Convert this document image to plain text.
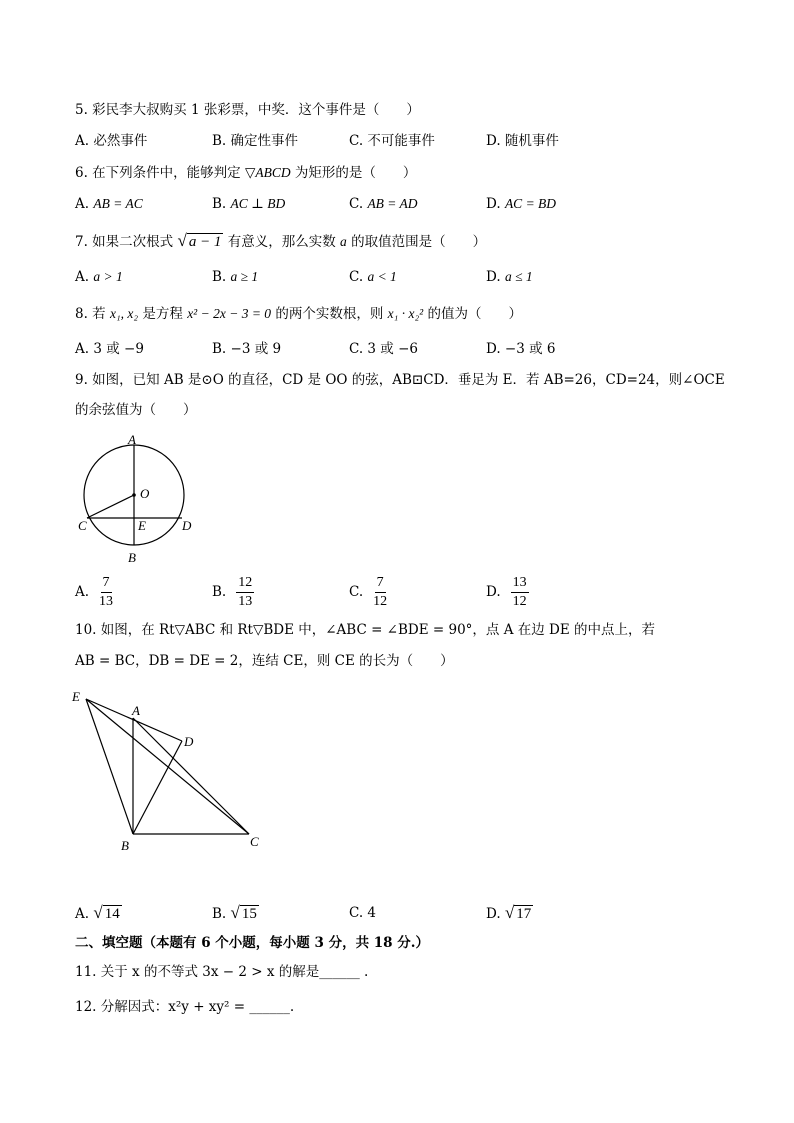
5. 彩民李大叔购买 1 张彩票，中奖．这个事件是（　　）
A. 必然事件	B. 确定性事件	C. 不可能事件	D. 随机事件
6. 在下列条件中，能够判定 ▽ABCD 为矩形的是（　　）
A. AB = AC	B. AC ⊥ BD	C. AB = AD	D. AC = BD
7. 如果二次根式 √ a − 1 有意义，那么实数 a 的取值范围是（　　）
A. a > 1	B. a ≥ 1	C. a < 1	D. a ≤ 1
8. 若 x₁, x₂ 是方程 x² − 2x − 3 = 0 的两个实数根，则 x₁ · x₂² 的值为（　　）
A. 3 或 −9	B. −3 或 9	C. 3 或 −6	D. −3 或 6
9. 如图，已知 AB 是⊙O 的直径，CD 是 OO 的弦，AB⊡CD．垂足为 E．若 AB=26，CD=24，则∠OCE
的余弦值为（　　）
A
O
C	E	D
B
A. $\frac{7}{13}$	B. $\frac{12}{13}$	C. $\frac{7}{12}$	D. $\frac{13}{12}$
10. 如图，在 Rt▽ABC 和 Rt▽BDE 中，∠ABC = ∠BDE = 90°，点 A 在边 DE 的中点上，若
AB = BC，DB = DE = 2，连结 CE，则 CE 的长为（　　）
E
A
D
B	C
A. √ 14	B. √ 15	C. 4	D. √ 17
二、填空题（本题有 6 个小题，每小题 3 分，共 18 分.）
11. 关于 x 的不等式 3x − 2 > x 的解是______ .
12. 分解因式：x²y + xy² = ______.
